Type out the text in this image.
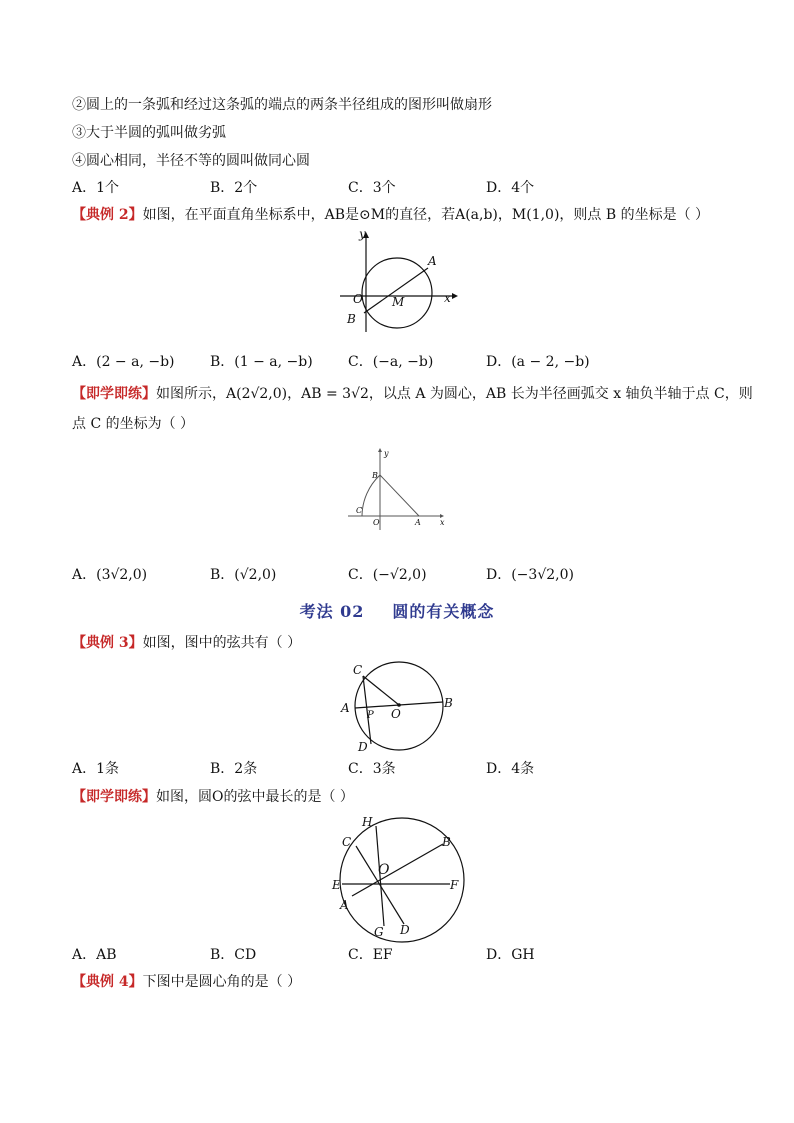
②圆上的一条弧和经过这条弧的端点的两条半径组成的图形叫做扇形
③大于半圆的弧叫做劣弧
④圆心相同，半径不等的圆叫做同心圆
A．1个	B．2个	C．3个	D．4个
【典例 2】如图，在平面直角坐标系中，AB是⊙M的直径，若A(a,b)，M(1,0)，则点 B 的坐标是（ ）
y
x
A
O M
B
A．(2 − a, −b)	B．(1 − a, −b)	C．(−a, −b)	D．(a − 2, −b)
【即学即练】如图所示，A(2√2,0)，AB = 3√2，以点 A 为圆心，AB 长为半径画弧交 x 轴负半轴于点 C，则
点 C 的坐标为（ ）
y
x
B
C
O	A
A．(3√2,0)	B．(√2,0)	C．(−√2,0)	D．(−3√2,0)
考法 02 圆的有关概念
【典例 3】如图，图中的弦共有（ ）
C
A
P O
B
D
A．1条	B．2条	C．3条	D．4条
【即学即练】如图，圆O的弦中最长的是（ ）
H
C	B
O
E	F
A
G D
A．AB	B．CD	C．EF	D．GH
【典例 4】下图中是圆心角的是（ ）
